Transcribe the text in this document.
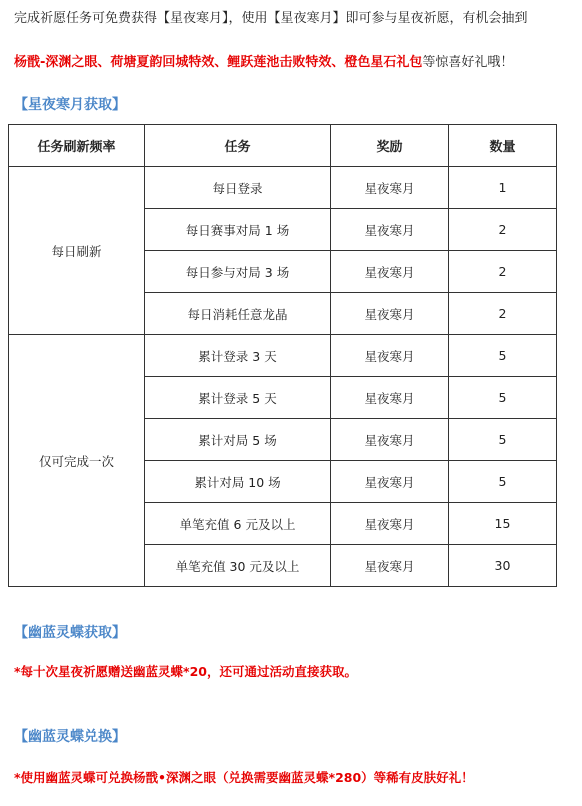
完成祈愿任务可免费获得【星夜寒月】，使用【星夜寒月】即可参与星夜祈愿，有机会抽到
杨戬-深渊之眼、荷塘夏韵回城特效、鲤跃莲池击败特效、橙色星石礼包等惊喜好礼哦！
【星夜寒月获取】
任务刷新频率	任务	奖励	数量
每日刷新	每日登录	星夜寒月	1
	每日赛事对局 1 场	星夜寒月	2
	每日参与对局 3 场	星夜寒月	2
	每日消耗任意龙晶	星夜寒月	2
仅可完成一次	累计登录 3 天	星夜寒月	5
	累计登录 5 天	星夜寒月	5
	累计对局 5 场	星夜寒月	5
	累计对局 10 场	星夜寒月	5
	单笔充值 6 元及以上	星夜寒月	15
	单笔充值 30 元及以上	星夜寒月	30
【幽蓝灵蝶获取】
*每十次星夜祈愿赠送幽蓝灵蝶*20，还可通过活动直接获取。
【幽蓝灵蝶兑换】
*使用幽蓝灵蝶可兑换杨戬•深渊之眼（兑换需要幽蓝灵蝶*280）等稀有皮肤好礼！
